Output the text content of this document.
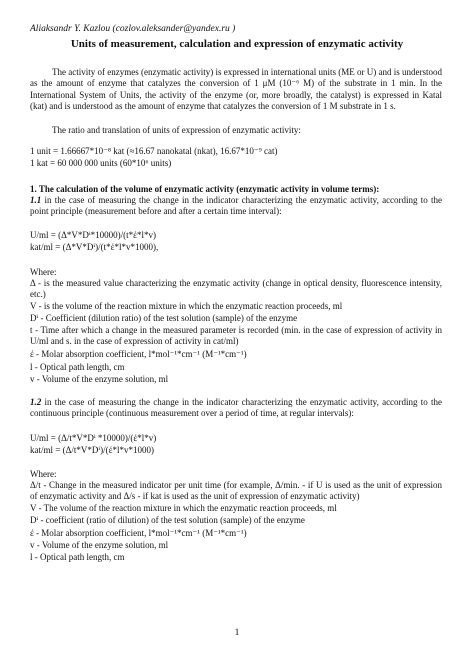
Aliaksandr Y. Kazlou (cozlov.aleksander@yandex.ru )
Units of measurement, calculation and expression of enzymatic activity
The activity of enzymes (enzymatic activity) is expressed in international units (ME or U) and is understood as the amount of enzyme that catalyzes the conversion of 1 μM (10⁻⁶ M) of the substrate in 1 min. In the International System of Units, the activity of the enzyme (or, more broadly, the catalyst) is expressed in Katal (kat) and is understood as the amount of enzyme that catalyzes the conversion of 1 M substrate in 1 s.
The ratio and translation of units of expression of enzymatic activity:
1 unit = 1.66667*10⁻⁸ kat (≈16.67 nanokatal (nkat), 16.67*10⁻⁹ cat)
1 kat = 60 000 000 units (60*10⁶ units)
1. The calculation of the volume of enzymatic activity (enzymatic activity in volume terms):
1.1 in the case of measuring the change in the indicator characterizing the enzymatic activity, according to the point principle (measurement before and after a certain time interval):
U/ml = (Δ*V*Dⁱ*10000)/(t*έ*l*v)
kat/ml = (Δ*V*Dⁱ)/(t*έ*l*v*1000),
Where:
Δ - is the measured value characterizing the enzymatic activity (change in optical density, fluorescence intensity, etc.)
V - is the volume of the reaction mixture in which the enzymatic reaction proceeds, ml
Dⁱ - Coefficient (dilution ratio) of the test solution (sample) of the enzyme
t - Time after which a change in the measured parameter is recorded (min. in the case of expression of activity in U/ml and s. in the case of expression of activity in cat/ml)
έ - Molar absorption coefficient, l*mol⁻¹*cm⁻¹ (M⁻¹*cm⁻¹)
l - Optical path length, cm
v - Volume of the enzyme solution, ml
1.2 in the case of measuring the change in the indicator characterizing the enzymatic activity, according to the continuous principle (continuous measurement over a period of time, at regular intervals):
U/ml = (Δ/t*V*Dⁱ *10000)/(έ*l*v)
kat/ml = (Δ/t*V*Dⁱ)/(έ*l*v*1000)
Where:
Δ/t - Change in the measured indicator per unit time (for example, Δ/min. - if U is used as the unit of expression of enzymatic activity and Δ/s - if kat is used as the unit of expression of enzymatic activity)
V - The volume of the reaction mixture in which the enzymatic reaction proceeds, ml
Dⁱ - coefficient (ratio of dilution) of the test solution (sample) of the enzyme
έ - Molar absorption coefficient, l*mol⁻¹*cm⁻¹ (M⁻¹*cm⁻¹)
v - Volume of the enzyme solution, ml
l - Optical path length, cm
1
